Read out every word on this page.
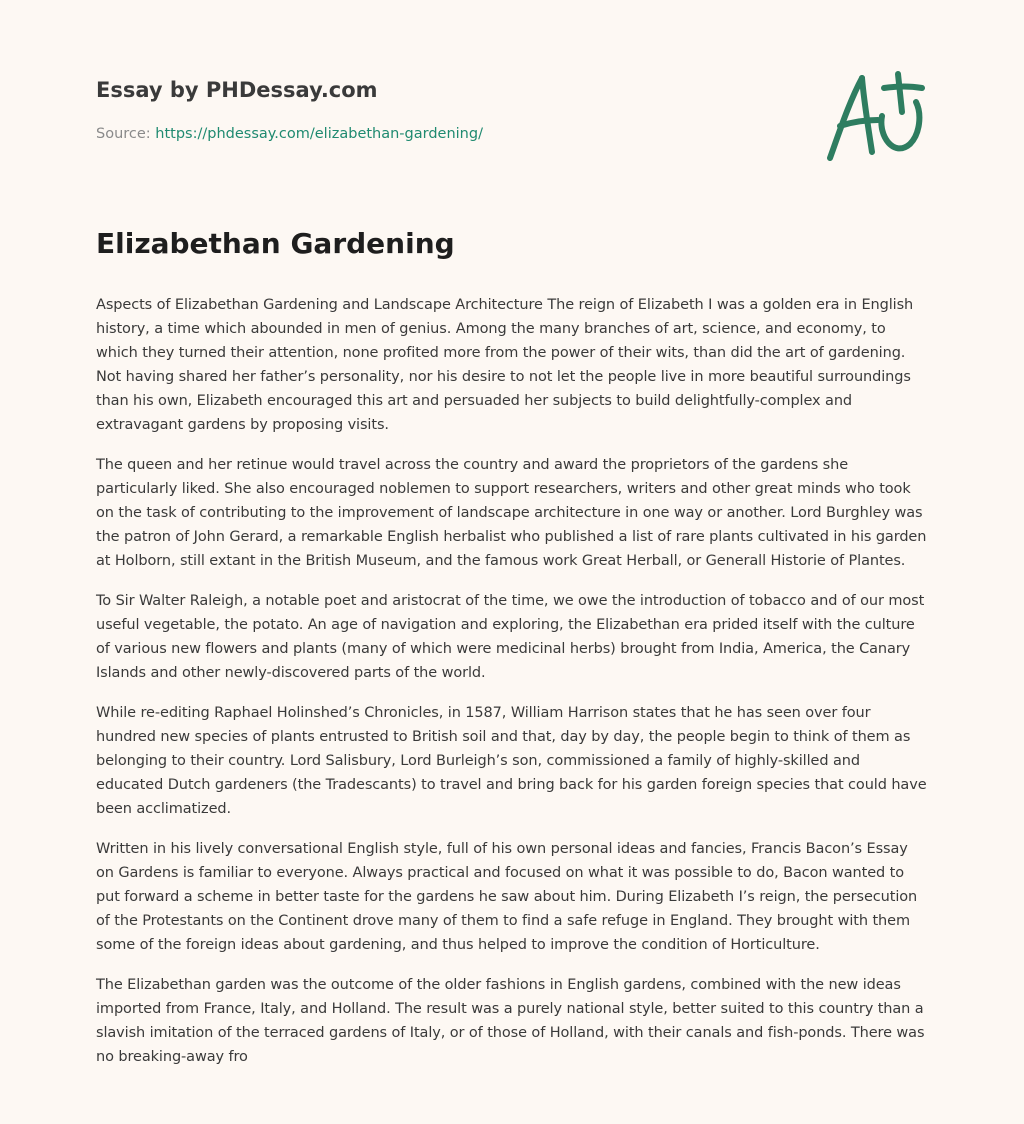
Essay by PHDessay.com
Source: https://phdessay.com/elizabethan-gardening/
Elizabethan Gardening

Aspects of Elizabethan Gardening and Landscape Architecture The reign of Elizabeth I was a golden era in English history, a time which abounded in men of genius. Among the many branches of art, science, and economy, to which they turned their attention, none profited more from the power of their wits, than did the art of gardening. Not having shared her father’s personality, nor his desire to not let the people live in more beautiful surroundings than his own, Elizabeth encouraged this art and persuaded her subjects to build delightfully-complex and extravagant gardens by proposing visits.

The queen and her retinue would travel across the country and award the proprietors of the gardens she particularly liked. She also encouraged noblemen to support researchers, writers and other great minds who took on the task of contributing to the improvement of landscape architecture in one way or another. Lord Burghley was the patron of John Gerard, a remarkable English herbalist who published a list of rare plants cultivated in his garden at Holborn, still extant in the British Museum, and the famous work Great Herball, or Generall Historie of Plantes.

To Sir Walter Raleigh, a notable poet and aristocrat of the time, we owe the introduction of tobacco and of our most useful vegetable, the potato. An age of navigation and exploring, the Elizabethan era prided itself with the culture of various new flowers and plants (many of which were medicinal herbs) brought from India, America, the Canary Islands and other newly-discovered parts of the world.

While re-editing Raphael Holinshed’s Chronicles, in 1587, William Harrison states that he has seen over four hundred new species of plants entrusted to British soil and that, day by day, the people begin to think of them as belonging to their country. Lord Salisbury, Lord Burleigh’s son, commissioned a family of highly-skilled and educated Dutch gardeners (the Tradescants) to travel and bring back for his garden foreign species that could have been acclimatized.

Written in his lively conversational English style, full of his own personal ideas and fancies, Francis Bacon’s Essay on Gardens is familiar to everyone. Always practical and focused on what it was possible to do, Bacon wanted to put forward a scheme in better taste for the gardens he saw about him. During Elizabeth I’s reign, the persecution of the Protestants on the Continent drove many of them to find a safe refuge in England. They brought with them some of the foreign ideas about gardening, and thus helped to improve the condition of Horticulture.

The Elizabethan garden was the outcome of the older fashions in English gardens, combined with the new ideas imported from France, Italy, and Holland. The result was a purely national style, better suited to this country than a slavish imitation of the terraced gardens of Italy, or of those of Holland, with their canals and fish-ponds. There was no breaking-away fro
